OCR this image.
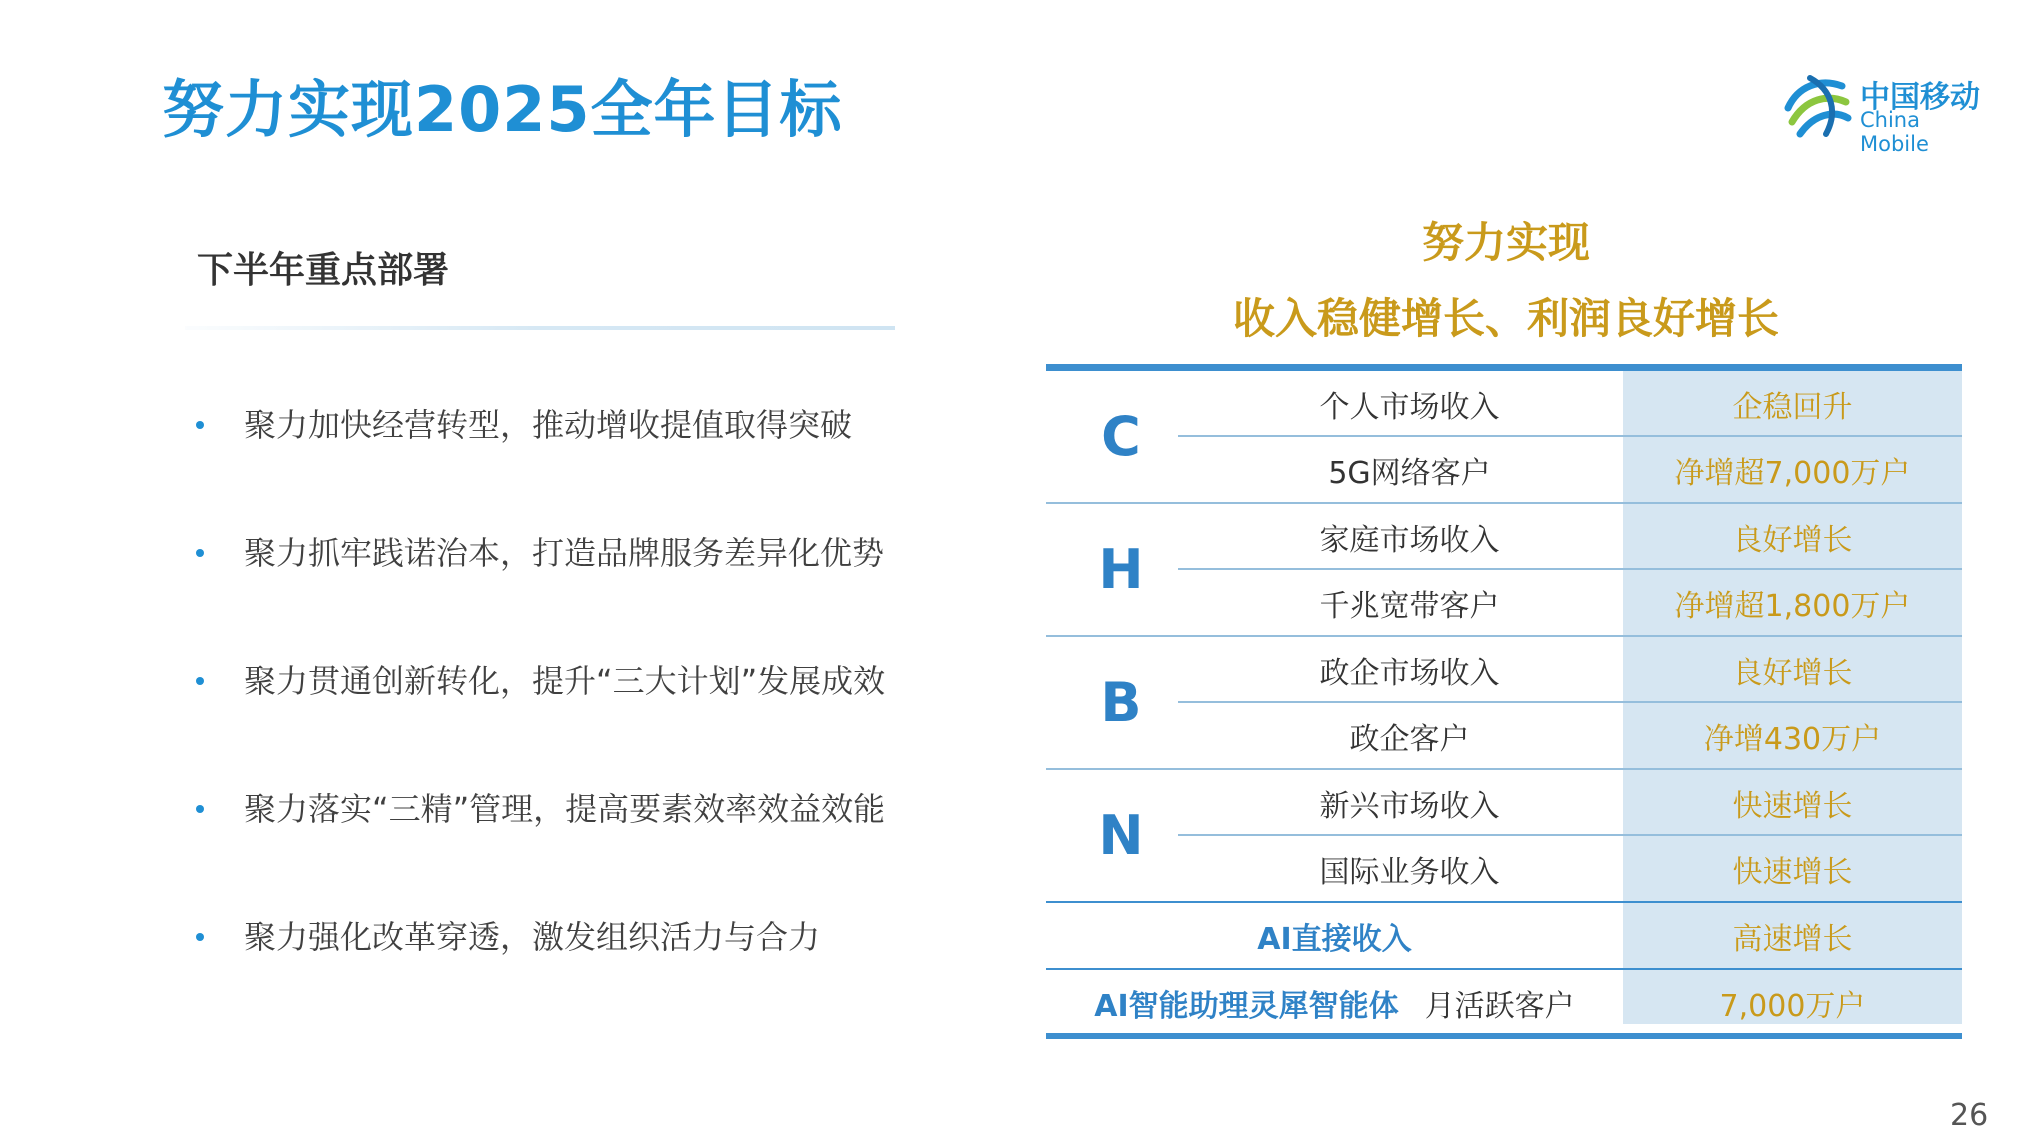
努力实现2025全年目标	中国移动
China Mobile
下半年重点部署
聚力加快经营转型，推动增收提值取得突破
聚力抓牢践诺治本，打造品牌服务差异化优势
聚力贯通创新转化，提升“三大计划”发展成效
聚力落实“三精”管理，提高要素效率效益效能
聚力强化改革穿透，激发组织活力与合力
努力实现
收入稳健增长、利润良好增长
C	个人市场收入	企稳回升
5G网络客户	净增超7,000万户
H	家庭市场收入	良好增长
千兆宽带客户	净增超1,800万户
B	政企市场收入	良好增长
政企客户	净增430万户
N	新兴市场收入	快速增长
国际业务收入	快速增长
AI直接收入	高速增长
AI智能助理灵犀智能体 月活跃客户	7,000万户
26
